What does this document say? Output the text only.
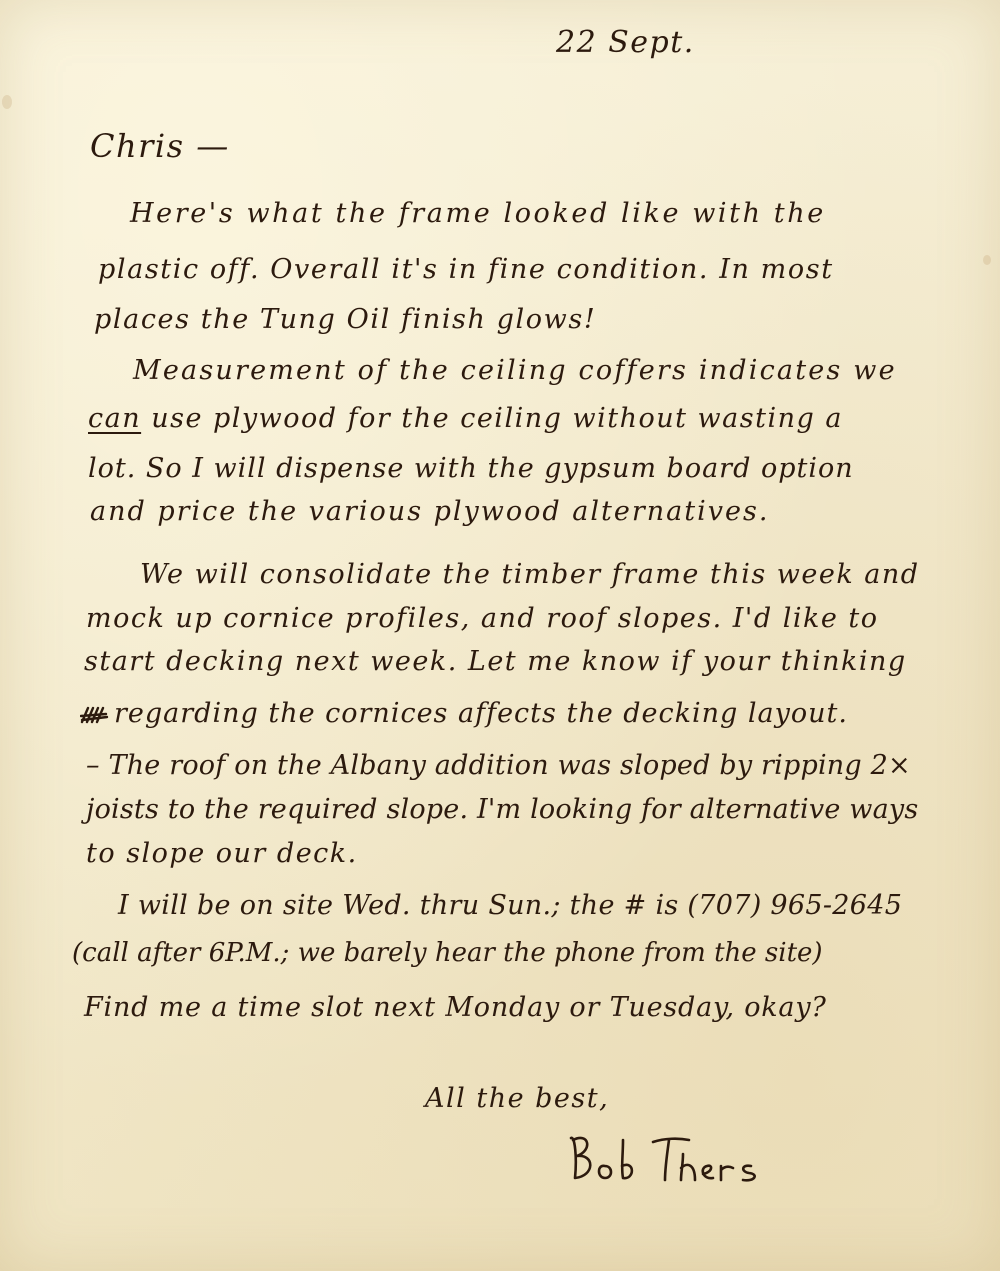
22 Sept.
Chris —
Here's what the frame looked like with the
plastic off. Overall it's in fine condition. In most
places the Tung Oil finish glows!
Measurement of the ceiling coffers indicates we
can use plywood for the ceiling without wasting a
lot. So I will dispense with the gypsum board option
and price the various plywood alternatives.
We will consolidate the timber frame this week and
mock up cornice profiles, and roof slopes. I'd like to
start decking next week. Let me know if your thinking
regarding the cornices affects the decking layout.
– The roof on the Albany addition was sloped by ripping 2×
joists to the required slope. I'm looking for alternative ways
to slope our deck.
I will be on site Wed. thru Sun.; the # is (707) 965-2645
(call after 6P.M.; we barely hear the phone from the site)
Find me a time slot next Monday or Tuesday, okay?
All the best,
